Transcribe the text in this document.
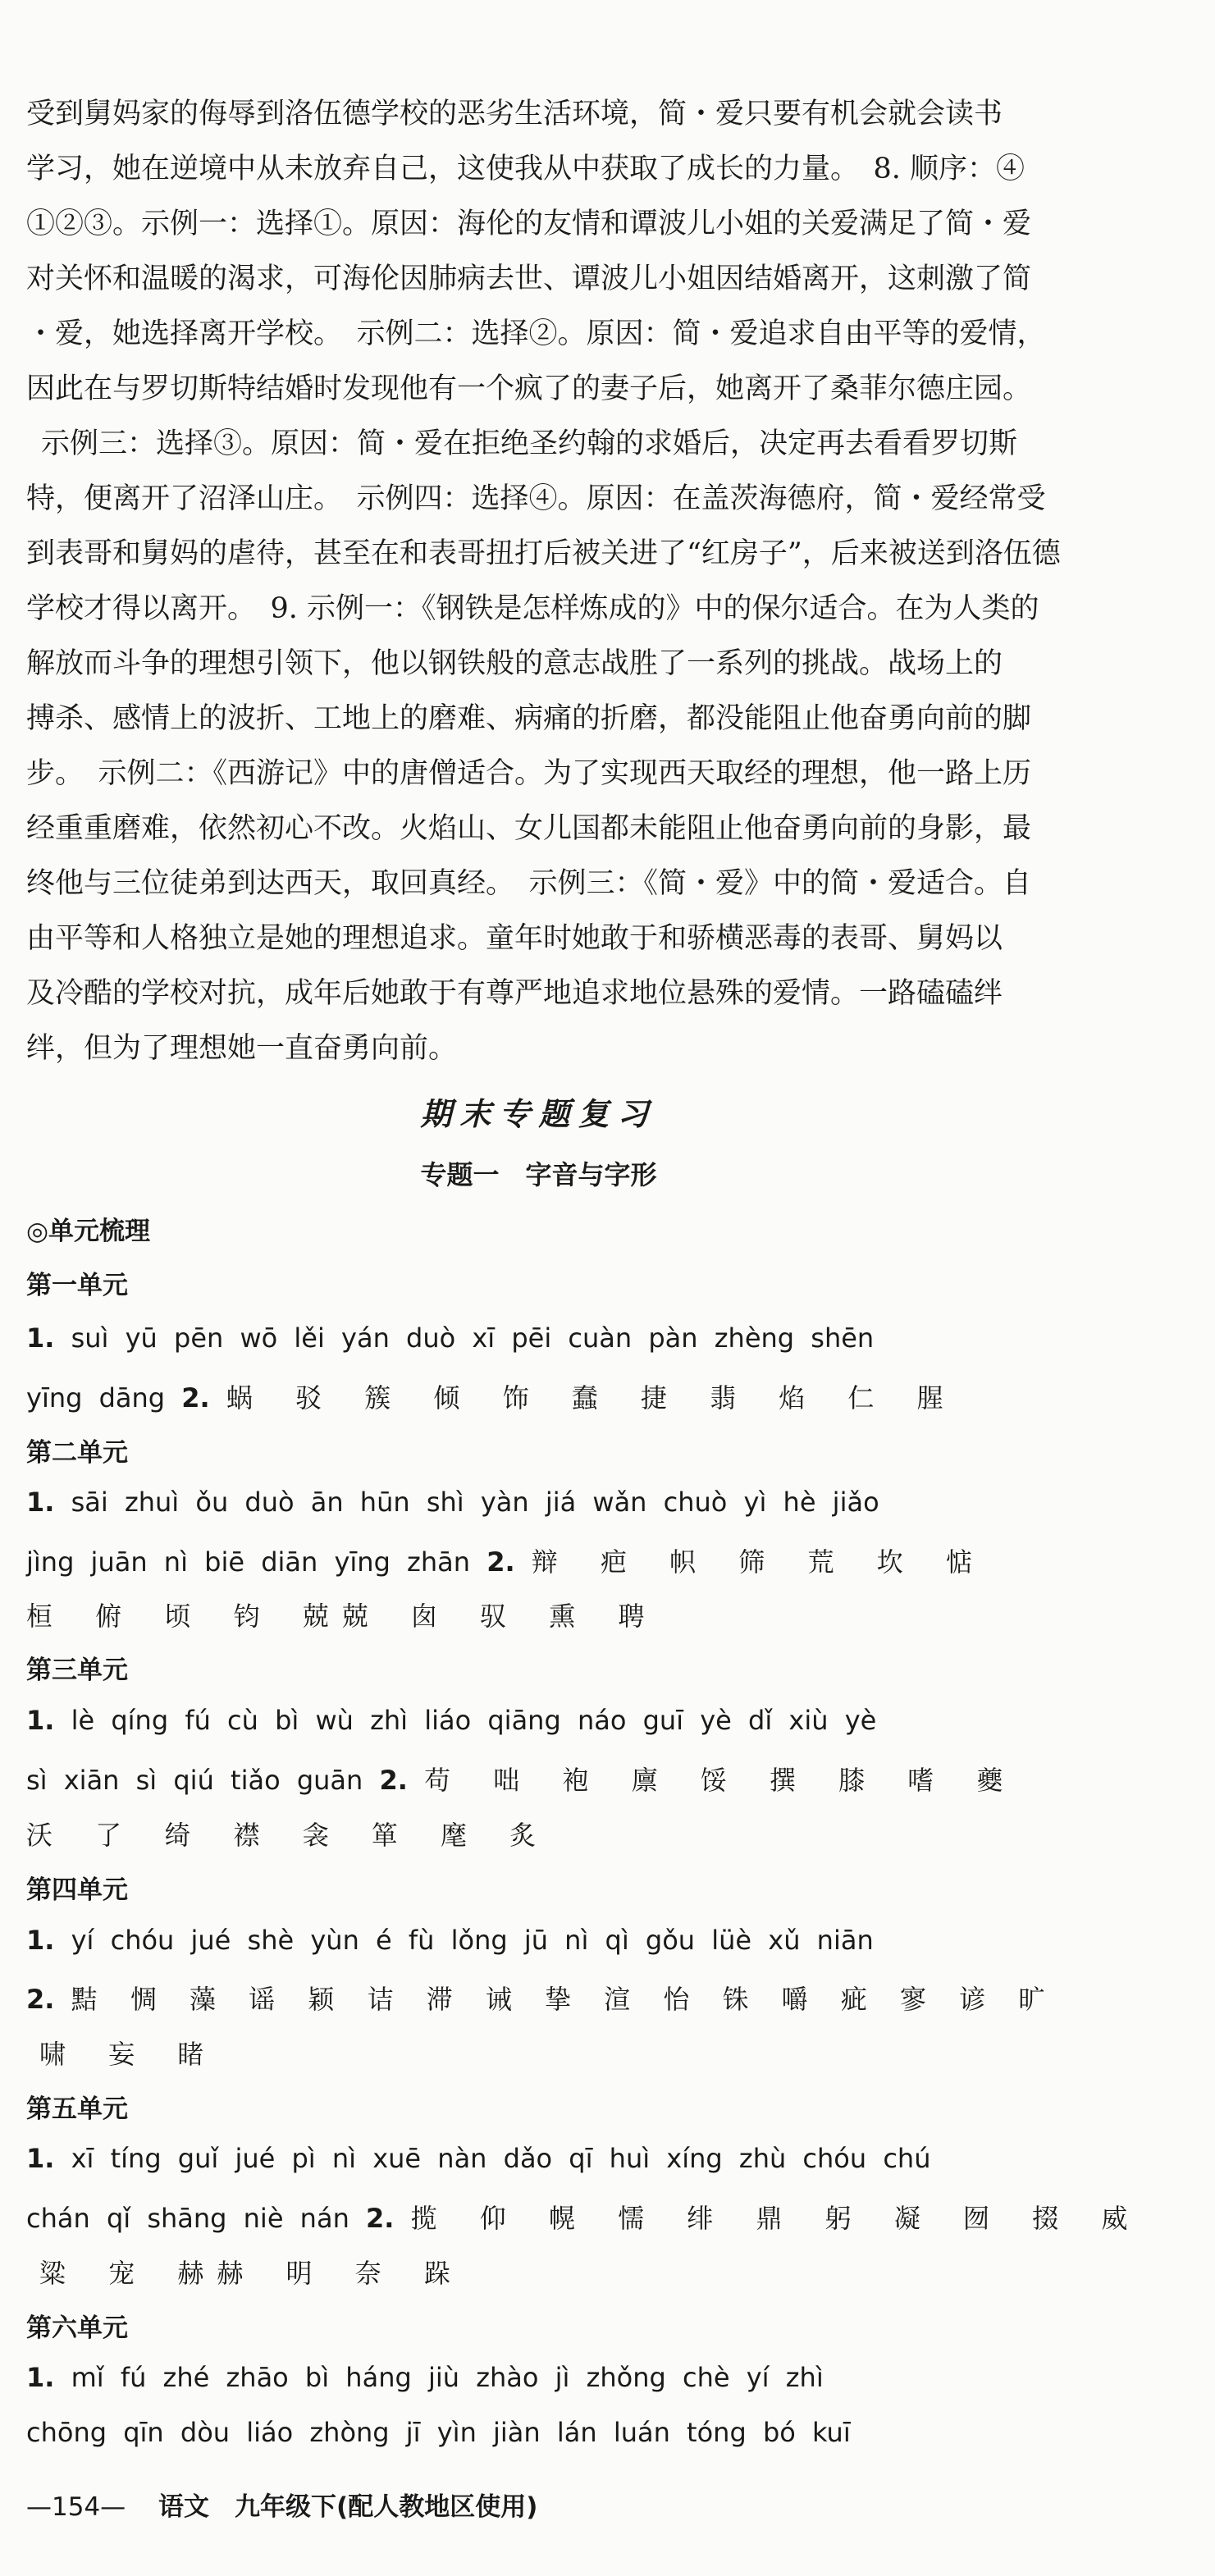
受到舅妈家的侮辱到洛伍德学校的恶劣生活环境，简・爱只要有机会就会读书
学习，她在逆境中从未放弃自己，这使我从中获取了成长的力量。　8. 顺序：④
①②③。示例一：选择①。原因：海伦的友情和谭波儿小姐的关爱满足了简・爱
对关怀和温暖的渴求，可海伦因肺病去世、谭波儿小姐因结婚离开，这刺激了简
・爱，她选择离开学校。　示例二：选择②。原因：简・爱追求自由平等的爱情，
因此在与罗切斯特结婚时发现他有一个疯了的妻子后，她离开了桑菲尔德庄园。
示例三：选择③。原因：简・爱在拒绝圣约翰的求婚后，决定再去看看罗切斯
特，便离开了沼泽山庄。　示例四：选择④。原因：在盖茨海德府，简・爱经常受
到表哥和舅妈的虐待，甚至在和表哥扭打后被关进了“红房子”，后来被送到洛伍德
学校才得以离开。　9. 示例一：《钢铁是怎样炼成的》中的保尔适合。在为人类的
解放而斗争的理想引领下，他以钢铁般的意志战胜了一系列的挑战。战场上的
搏杀、感情上的波折、工地上的磨难、病痛的折磨，都没能阻止他奋勇向前的脚
步。　示例二：《西游记》中的唐僧适合。为了实现西天取经的理想，他一路上历
经重重磨难，依然初心不改。火焰山、女儿国都未能阻止他奋勇向前的身影，最
终他与三位徒弟到达西天，取回真经。　示例三：《简・爱》中的简・爱适合。自
由平等和人格独立是她的理想追求。童年时她敢于和骄横恶毒的表哥、舅妈以
及冷酷的学校对抗，成年后她敢于有尊严地追求地位悬殊的爱情。一路磕磕绊
绊，但为了理想她一直奋勇向前。
期末专题复习
专题一　字音与字形
◎单元梳理
第一单元
1. suì yū pēn wō lěi yán duò xī pēi cuàn pàn zhèng shēn
yīng dāng 2. 蜗 驳 簇 倾 饰 蠢 捷 翡 焰 仁 腥
第二单元
1. sāi zhuì ǒu duò ān hūn shì yàn jiá wǎn chuò yì hè jiǎo
jìng juān nì biē diān yīng zhān 2. 辩 疤 帜 筛 荒 坎 惦
桓 俯 顷 钧 兢兢 囱 驭 熏 聘
第三单元
1. lè qíng fú cù bì wù zhì liáo qiāng náo guī yè dǐ xiù yè
sì xiān sì qiú tiǎo guān 2. 苟 咄 袍 廪 馁 撰 膝 嗜 夔
沃 了 绮 襟 衾 箪 麾 炙
第四单元
1. yí chóu jué shè yùn é fù lǒng jū nì qì gǒu lüè xǔ niān
2. 黠 惆 藻 谣 颖 诘 滞 诫 挚 渲 怡 铢 嚼 疵 寥 谚 旷
啸 妄 睹
第五单元
1. xī tíng guǐ jué pì nì xuē nàn dǎo qī huì xíng zhù chóu chú
chán qǐ shāng niè nán 2. 揽 仰 幌 懦 绯 鼎 躬 凝 囫 掇 威
粱 宠 赫赫 明 奈 跺
第六单元
1. mǐ fú zhé zhāo bì háng jiù zhào jì zhǒng chè yí zhì
chōng qīn dòu liáo zhòng jī yìn jiàn lán luán tóng bó kuī
—154— 语文　九年级下(配人教地区使用)
